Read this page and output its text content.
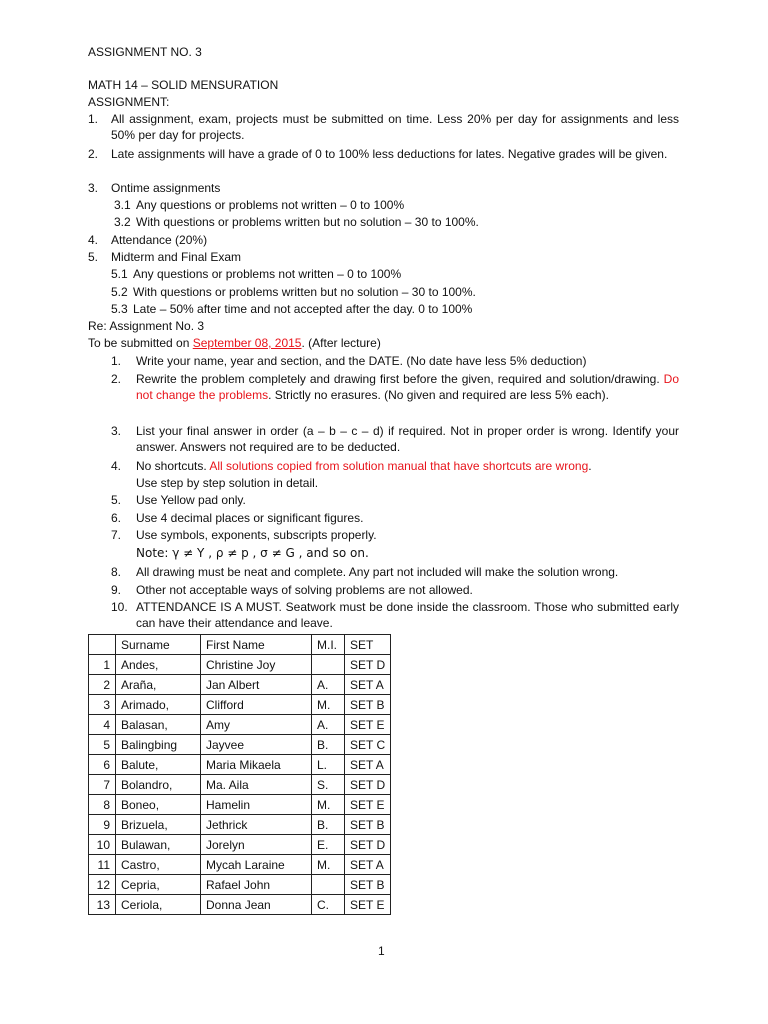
ASSIGNMENT NO. 3
MATH 14 – SOLID MENSURATION
ASSIGNMENT:
1. All assignment, exam, projects must be submitted on time. Less 20% per day for assignments and less 50% per day for projects.
2. Late assignments will have a grade of 0 to 100% less deductions for lates. Negative grades will be given.
3. Ontime assignments
3.1 Any questions or problems not written – 0 to 100%
3.2 With questions or problems written but no solution – 30 to 100%.
4. Attendance (20%)
5. Midterm and Final Exam
5.1 Any questions or problems not written – 0 to 100%
5.2 With questions or problems written but no solution – 30 to 100%.
5.3 Late – 50% after time and not accepted after the day. 0 to 100%
Re: Assignment No. 3
To be submitted on September 08, 2015. (After lecture)
1. Write your name, year and section, and the DATE. (No date have less 5% deduction)
2. Rewrite the problem completely and drawing first before the given, required and solution/drawing. Do not change the problems. Strictly no erasures. (No given and required are less 5% each).
3. List your final answer in order (a – b – c – d) if required. Not in proper order is wrong. Identify your answer. Answers not required are to be deducted.
4. No shortcuts. All solutions copied from solution manual that have shortcuts are wrong.
Use step by step solution in detail.
5. Use Yellow pad only.
6. Use 4 decimal places or significant figures.
7. Use symbols, exponents, subscripts properly.
Note: γ ≠ Y , ρ ≠ p , σ ≠ G , and so on.
8. All drawing must be neat and complete. Any part not included will make the solution wrong.
9. Other not acceptable ways of solving problems are not allowed.
10. ATTENDANCE IS A MUST. Seatwork must be done inside the classroom. Those who submitted early can have their attendance and leave.
	Surname	First Name	M.I.	SET
1	Andes,	Christine Joy		SET D
2	Araña,	Jan Albert	A.	SET A
3	Arimado,	Clifford	M.	SET B
4	Balasan,	Amy	A.	SET E
5	Balingbing	Jayvee	B.	SET C
6	Balute,	Maria Mikaela	L.	SET A
7	Bolandro,	Ma. Aila	S.	SET D
8	Boneo,	Hamelin	M.	SET E
9	Brizuela,	Jethrick	B.	SET B
10	Bulawan,	Jorelyn	E.	SET D
11	Castro,	Mycah Laraine	M.	SET A
12	Cepria,	Rafael John		SET B
13	Ceriola,	Donna Jean	C.	SET E
1
